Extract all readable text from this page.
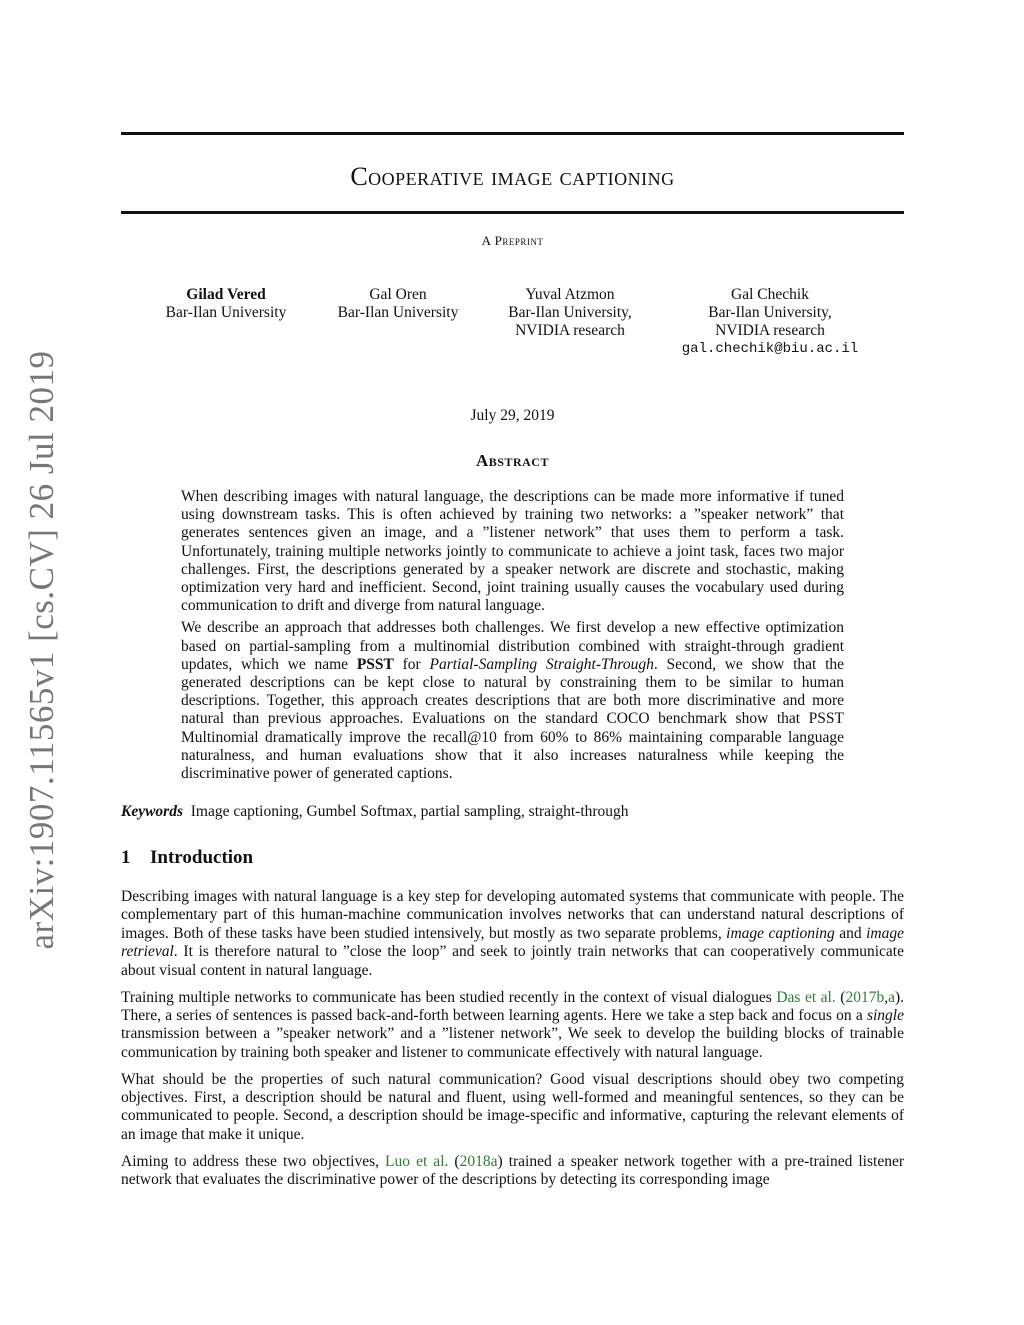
arXiv:1907.11565v1 [cs.CV] 26 Jul 2019
Cooperative image captioning
A Preprint
Gilad Vered
Bar-Ilan University
Gal Oren
Bar-Ilan University
Yuval Atzmon
Bar-Ilan University,
NVIDIA research
Gal Chechik
Bar-Ilan University,
NVIDIA research
gal.chechik@biu.ac.il
July 29, 2019
Abstract

When describing images with natural language, the descriptions can be made more informative if tuned using downstream tasks. This is often achieved by training two networks: a ”speaker network” that generates sentences given an image, and a ”listener network” that uses them to perform a task. Unfortunately, training multiple networks jointly to communicate to achieve a joint task, faces two major challenges. First, the descriptions generated by a speaker network are discrete and stochastic, making optimization very hard and inefficient. Second, joint training usually causes the vocabulary used during communication to drift and diverge from natural language.

We describe an approach that addresses both challenges. We first develop a new effective optimization based on partial-sampling from a multinomial distribution combined with straight-through gradient updates, which we name PSST for Partial-Sampling Straight-Through. Second, we show that the generated descriptions can be kept close to natural by constraining them to be similar to human descriptions. Together, this approach creates descriptions that are both more discriminative and more natural than previous approaches. Evaluations on the standard COCO benchmark show that PSST Multinomial dramatically improve the recall@10 from 60% to 86% maintaining comparable language naturalness, and human evaluations show that it also increases naturalness while keeping the discriminative power of generated captions.

Keywords Image captioning, Gumbel Softmax, partial sampling, straight-through
1 Introduction

Describing images with natural language is a key step for developing automated systems that communicate with people. The complementary part of this human-machine communication involves networks that can understand natural descriptions of images. Both of these tasks have been studied intensively, but mostly as two separate problems, image captioning and image retrieval. It is therefore natural to ”close the loop” and seek to jointly train networks that can cooperatively communicate about visual content in natural language.

Training multiple networks to communicate has been studied recently in the context of visual dialogues Das et al. (2017b,a). There, a series of sentences is passed back-and-forth between learning agents. Here we take a step back and focus on a single transmission between a ”speaker network” and a ”listener network”, We seek to develop the building blocks of trainable communication by training both speaker and listener to communicate effectively with natural language.

What should be the properties of such natural communication? Good visual descriptions should obey two competing objectives. First, a description should be natural and fluent, using well-formed and meaningful sentences, so they can be communicated to people. Second, a description should be image-specific and informative, capturing the relevant elements of an image that make it unique.

Aiming to address these two objectives, Luo et al. (2018a) trained a speaker network together with a pre-trained listener network that evaluates the discriminative power of the descriptions by detecting its corresponding image
